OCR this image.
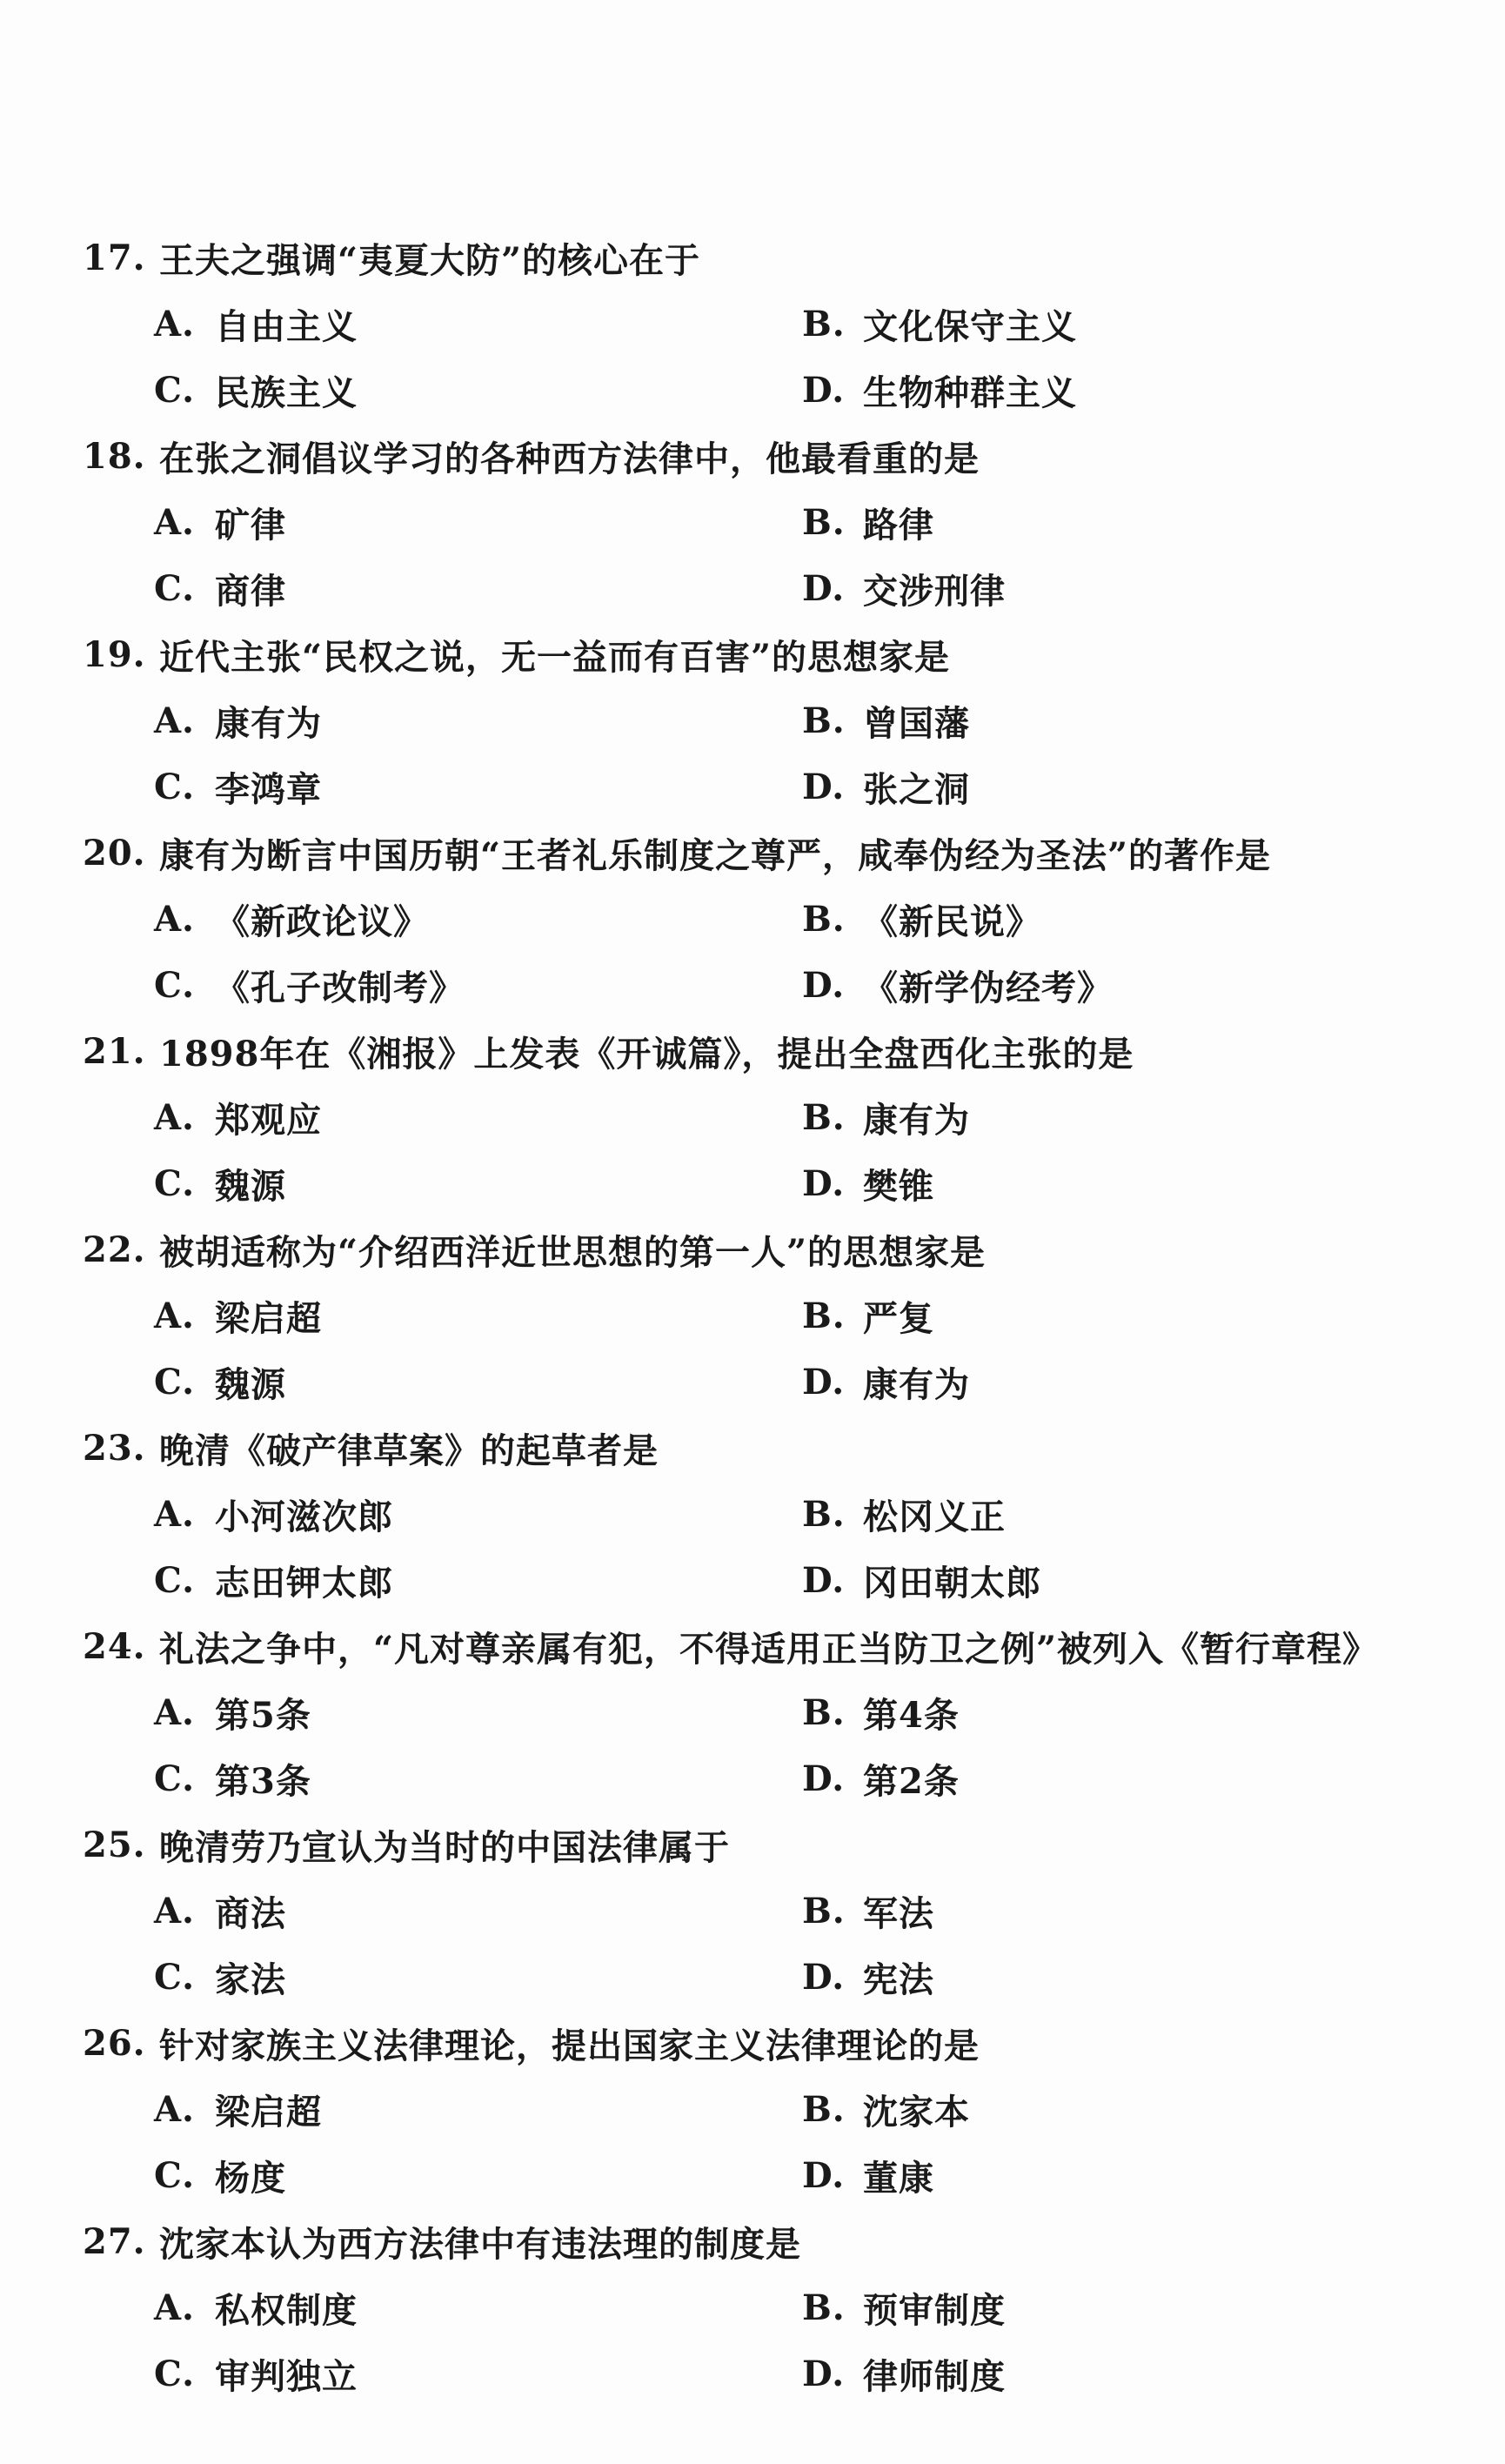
17. 王夫之强调“夷夏大防”的核心在于
A. 自由主义	B. 文化保守主义
C. 民族主义	D. 生物种群主义
18. 在张之洞倡议学习的各种西方法律中，他最看重的是
A. 矿律	B. 路律
C. 商律	D. 交涉刑律
19. 近代主张“民权之说，无一益而有百害”的思想家是
A. 康有为	B. 曾国藩
C. 李鸿章	D. 张之洞
20. 康有为断言中国历朝“王者礼乐制度之尊严，咸奉伪经为圣法”的著作是
A. 《新政论议》	B. 《新民说》
C. 《孔子改制考》	D. 《新学伪经考》
21. 1898年在《湘报》上发表《开诚篇》，提出全盘西化主张的是
A. 郑观应	B. 康有为
C. 魏源	D. 樊锥
22. 被胡适称为“介绍西洋近世思想的第一人”的思想家是
A. 梁启超	B. 严复
C. 魏源	D. 康有为
23. 晚清《破产律草案》的起草者是
A. 小河滋次郎	B. 松冈义正
C. 志田钾太郎	D. 冈田朝太郎
24. 礼法之争中，“凡对尊亲属有犯，不得适用正当防卫之例”被列入《暂行章程》
A. 第5条	B. 第4条
C. 第3条	D. 第2条
25. 晚清劳乃宣认为当时的中国法律属于
A. 商法	B. 军法
C. 家法	D. 宪法
26. 针对家族主义法律理论，提出国家主义法律理论的是
A. 梁启超	B. 沈家本
C. 杨度	D. 董康
27. 沈家本认为西方法律中有违法理的制度是
A. 私权制度	B. 预审制度
C. 审判独立	D. 律师制度
